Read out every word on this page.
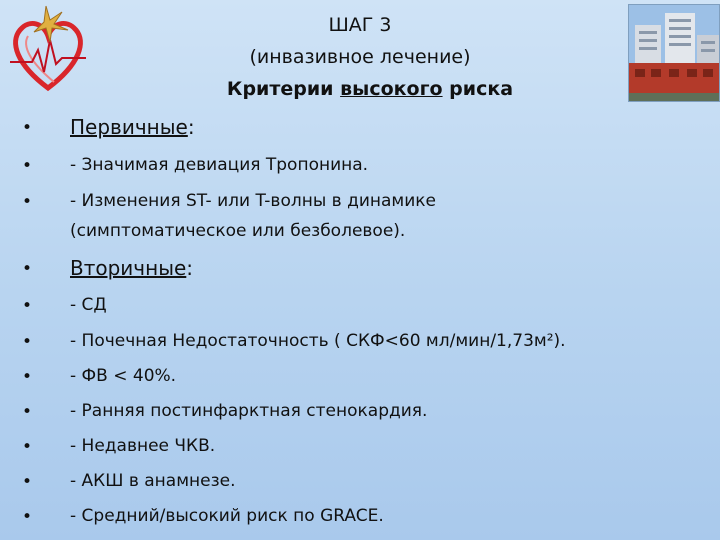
ШАГ 3
(инвазивное лечение)
Критерии высокого риска
• Первичные:
• - Значимая девиация Тропонина.
• - Изменения ST- или T-волны в динамике
(симптоматическое или безболевое).
• Вторичные:
• - СД
• - Почечная Недостаточность ( СКФ<60 мл/мин/1,73м²).
• - ФВ < 40%.
• - Ранняя постинфарктная стенокардия.
• - Недавнее ЧКВ.
• - АКШ в анамнезе.
• - Средний/высокий риск по GRACE.
